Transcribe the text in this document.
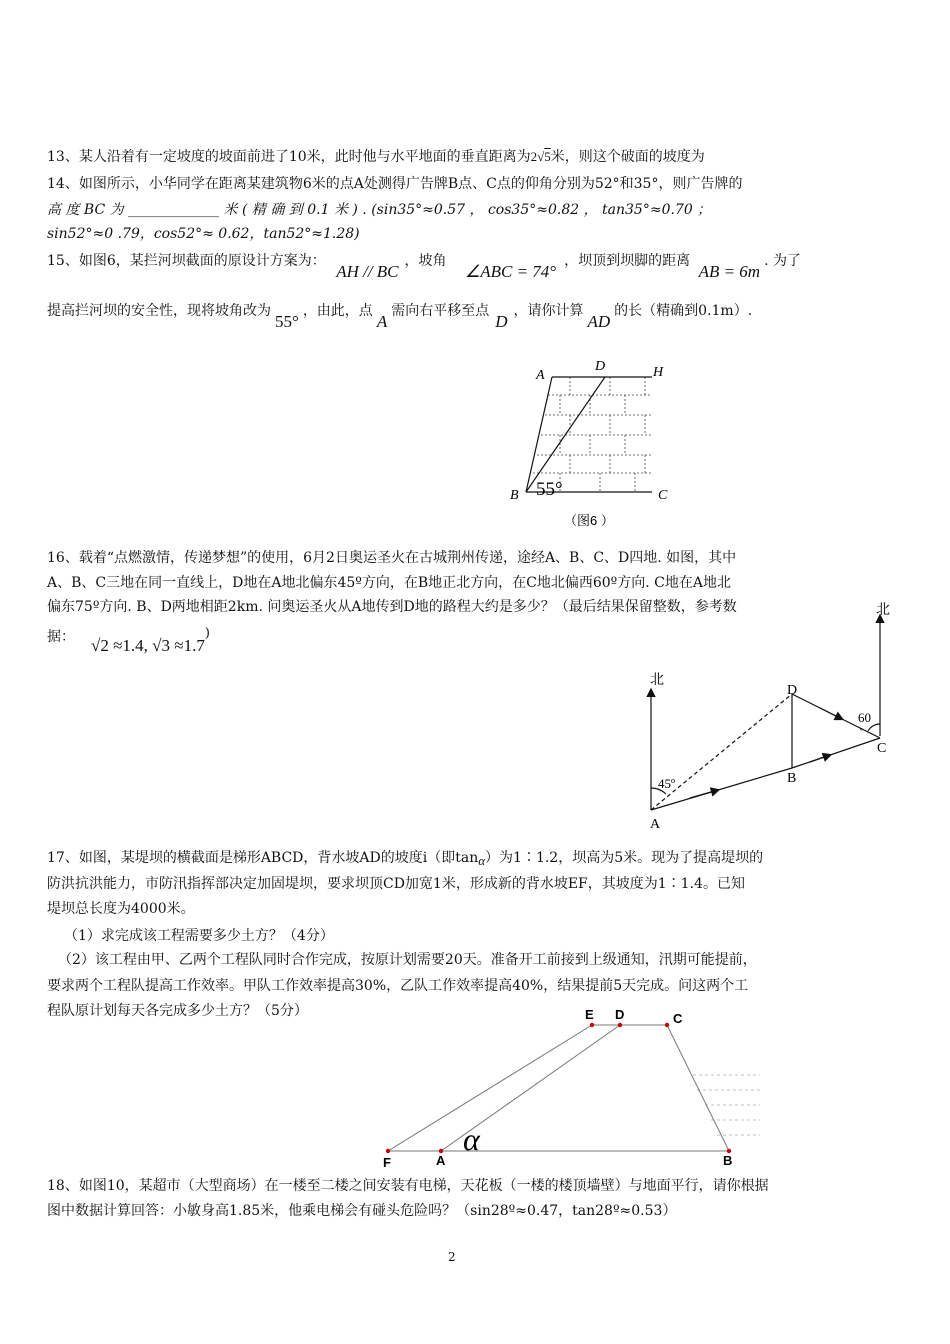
13、某人沿着有一定坡度的坡面前进了10米，此时他与水平地面的垂直距离为2√5米，则这个破面的坡度为
14、如图所示，小华同学在距离某建筑物6米的点A处测得广告牌B点、C点的仰角分别为52°和35°，则广告牌的
高 度 BC 为 _____________ 米 ( 精 确 到 0.1 米 ) . (sin35°≈0.57 ， cos35°≈0.82 ， tan35°≈0.70 ；
sin52°≈0 .79，cos52°≈ 0.62，tan52°≈1.28)
15、如图6，某拦河坝截面的原设计方案为： AH // BC，坡角 ∠ABC = 74°，坝顶到坝脚的距离 AB = 6m. 为了
提高拦河坝的安全性，现将坡角改为55°，由此，点A需向右平移至点D，请你计算AD的长（精确到0.1m）.
A
D	H
B	C
55°
（图6 ）
16、载着“点燃激情，传递梦想”的使用，6月2日奥运圣火在古城荆州传递，途经A、B、C、D四地. 如图，其中
A、B、C三地在同一直线上，D地在A地北偏东45º方向，在B地正北方向，在C地北偏西60º方向. C地在A地北
偏东75º方向. B、D两地相距2km. 问奥运圣火从A地传到D地的路程大约是多少？（最后结果保留整数，参考数
据： √2 ≈1.4, √3 ≈1.7)
北
北
A
B
C
D
45º
60
º
17、如图，某堤坝的横截面是梯形ABCD，背水坡AD的坡度i（即tanα）为1∶1.2，坝高为5米。现为了提高堤坝的
防洪抗洪能力，市防汛指挥部决定加固堤坝，要求坝顶CD加宽1米，形成新的背水坡EF，其坡度为1∶1.4。已知
堤坝总长度为4000米。
（1）求完成该工程需要多少土方？（4分）
（2）该工程由甲、乙两个工程队同时合作完成，按原计划需要20天。准备开工前接到上级通知，汛期可能提前，
要求两个工程队提高工作效率。甲队工作效率提高30%，乙队工作效率提高40%，结果提前5天完成。问这两个工
程队原计划每天各完成多少土方？（5分）	E D	C
F	A	B
α
18、如图10，某超市（大型商场）在一楼至二楼之间安装有电梯，天花板（一楼的楼顶墙壁）与地面平行，请你根据
图中数据计算回答：小敏身高1.85米，他乘电梯会有碰头危险吗？（sin28º≈0.47，tan28º≈0.53）
2
